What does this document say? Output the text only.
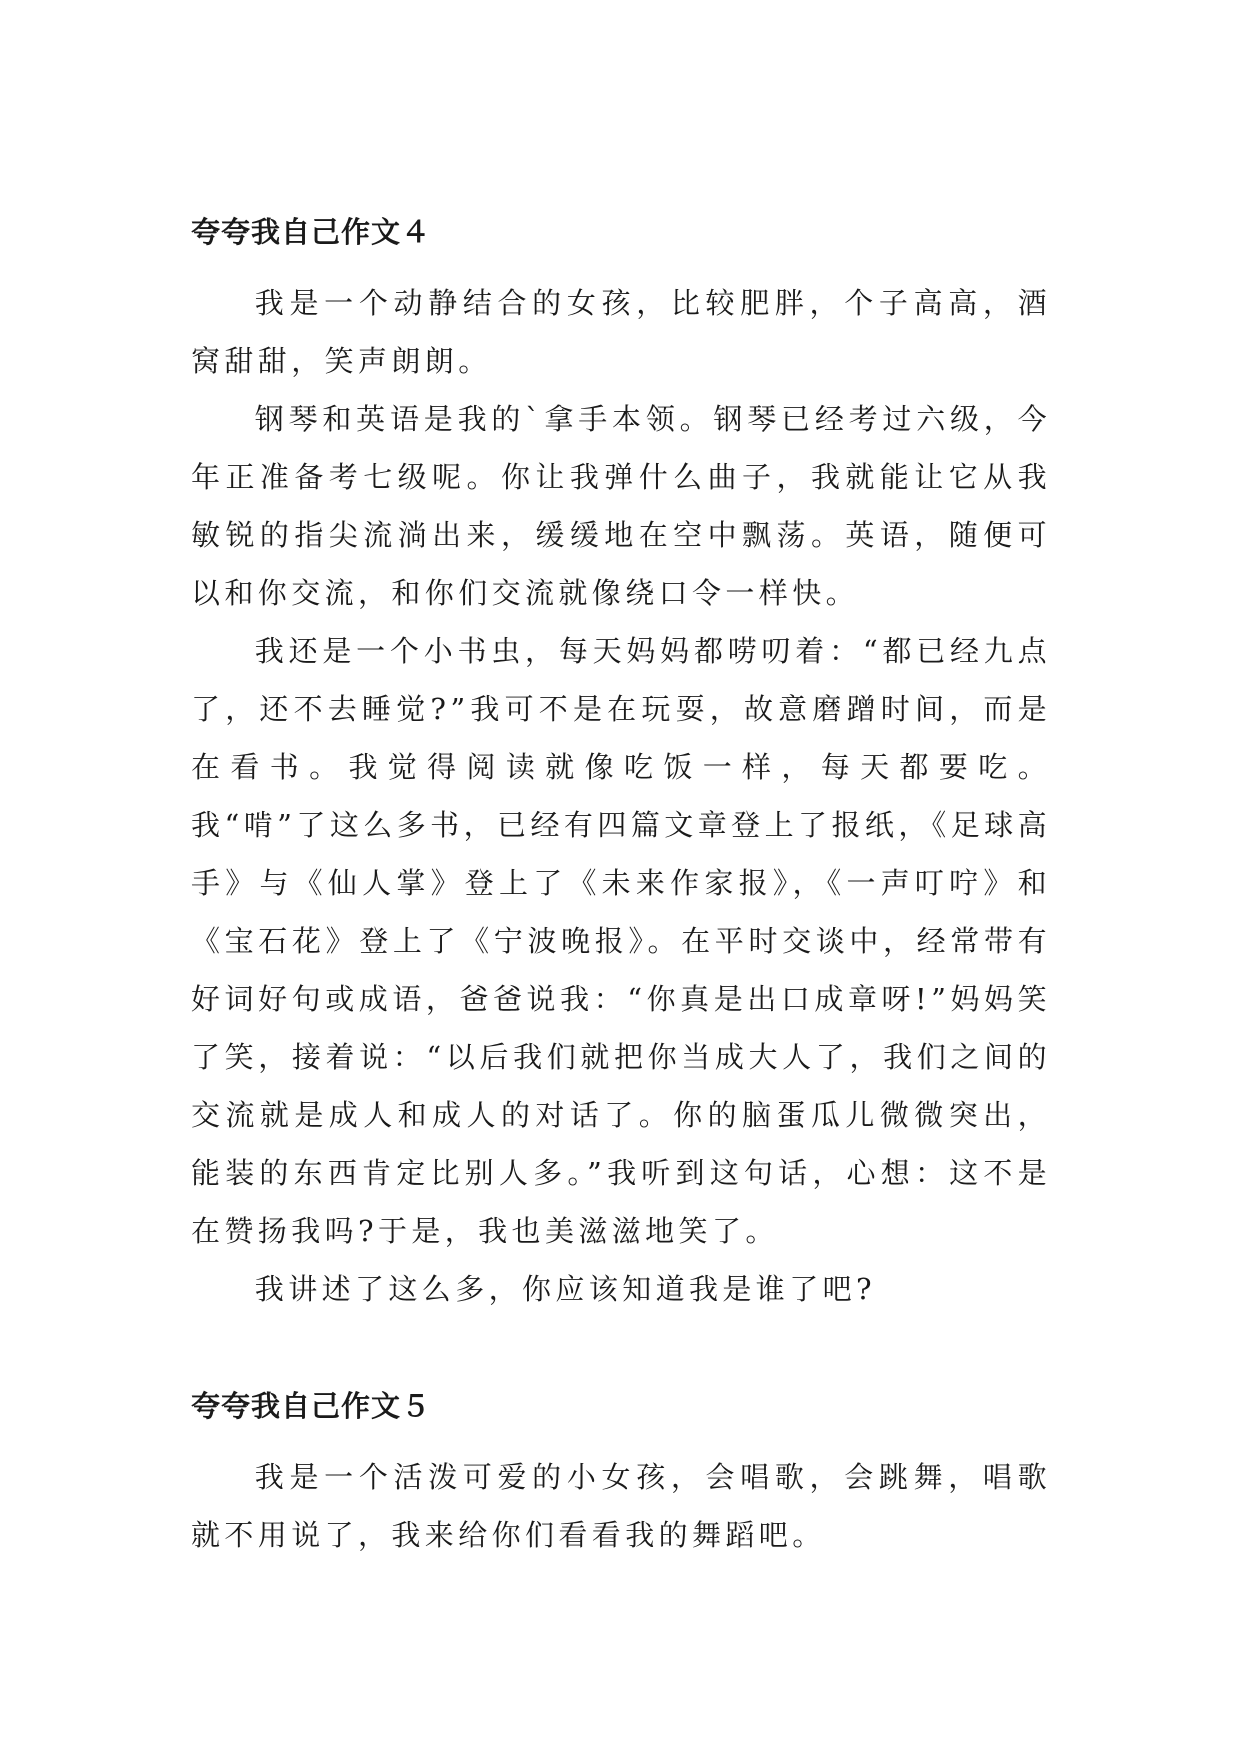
夸夸我自己作文４

我是一个动静结合的女孩，比较肥胖，个子高高，酒窝甜甜，笑声朗朗。

钢琴和英语是我的`拿手本领。钢琴已经考过六级，今年正准备考七级呢。你让我弹什么曲子，我就能让它从我敏锐的指尖流淌出来，缓缓地在空中飘荡。英语，随便可以和你交流，和你们交流就像绕口令一样快。

我还是一个小书虫，每天妈妈都唠叨着：“都已经九点了，还不去睡觉?”我可不是在玩耍，故意磨蹭时间，而是在看书。我觉得阅读就像吃饭一样，每天都要吃。我“啃”了这么多书，已经有四篇文章登上了报纸，《足球高手》与《仙人掌》登上了《未来作家报》，《一声叮咛》和《宝石花》登上了《宁波晚报》。在平时交谈中，经常带有好词好句或成语，爸爸说我：“你真是出口成章呀!”妈妈笑了笑，接着说：“以后我们就把你当成大人了，我们之间的交流就是成人和成人的对话了。你的脑蛋瓜儿微微突出，能装的东西肯定比别人多。”我听到这句话，心想：这不是在赞扬我吗?于是，我也美滋滋地笑了。

我讲述了这么多，你应该知道我是谁了吧?

夸夸我自己作文５

我是一个活泼可爱的小女孩，会唱歌，会跳舞，唱歌就不用说了，我来给你们看看我的舞蹈吧。
